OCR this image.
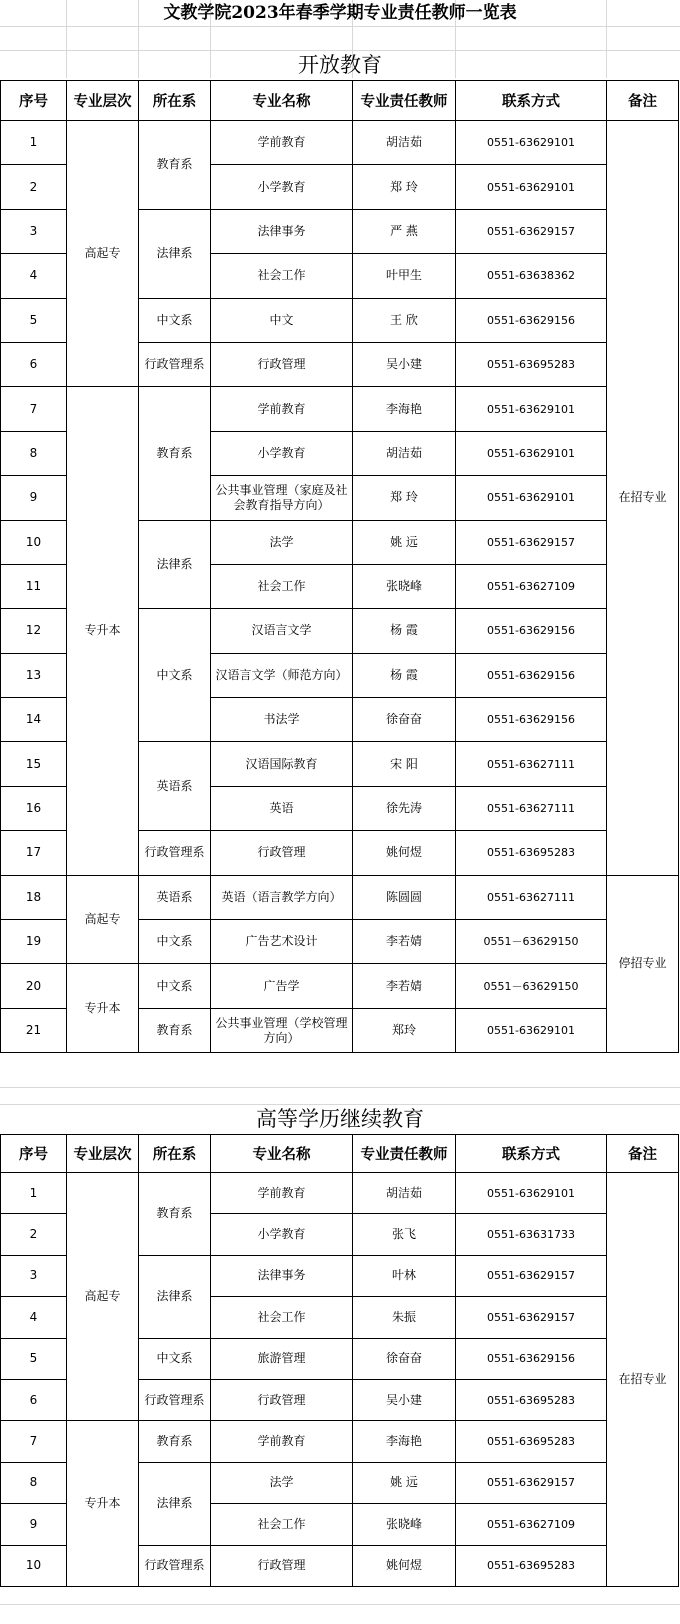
文教学院2023年春季学期专业责任教师一览表
开放教育
序号	专业层次	所在系	专业名称	专业责任教师	联系方式	备注
1	高起专	教育系	学前教育	胡洁茹	0551-63629101	在招专业
2			小学教育	郑 玲	0551-63629101	
3		法律系	法律事务	严 燕	0551-63629157	
4			社会工作	叶甲生	0551-63638362	
5		中文系	中文	王 欣	0551-63629156	
6		行政管理系	行政管理	吴小建	0551-63695283	
7	专升本	教育系	学前教育	李海艳	0551-63629101	
8			小学教育	胡洁茹	0551-63629101	
9			公共事业管理（家庭及社会教育指导方向）	郑 玲	0551-63629101	
10		法律系	法学	姚 远	0551-63629157	
11			社会工作	张晓峰	0551-63627109	
12		中文系	汉语言文学	杨 霞	0551-63629156	
13			汉语言文学（师范方向）	杨 霞	0551-63629156	
14			书法学	徐奋奋	0551-63629156	
15		英语系	汉语国际教育	宋 阳	0551-63627111	
16			英语	徐先涛	0551-63627111	
17		行政管理系	行政管理	姚何煜	0551-63695283	
18	高起专	英语系	英语（语言教学方向）	陈圆圆	0551-63627111	停招专业
19		中文系	广告艺术设计	李若婧	0551－63629150	
20	专升本	中文系	广告学	李若婧	0551－63629150	
21		教育系	公共事业管理（学校管理方向）	郑玲	0551-63629101	
高等学历继续教育
序号	专业层次	所在系	专业名称	专业责任教师	联系方式	备注
1	高起专	教育系	学前教育	胡洁茹	0551-63629101	在招专业
2			小学教育	张飞	0551-63631733	
3		法律系	法律事务	叶林	0551-63629157	
4			社会工作	朱振	0551-63629157	
5		中文系	旅游管理	徐奋奋	0551-63629156	
6		行政管理系	行政管理	吴小建	0551-63695283	
7	专升本	教育系	学前教育	李海艳	0551-63695283	
8		法律系	法学	姚 远	0551-63629157	
9			社会工作	张晓峰	0551-63627109	
10		行政管理系	行政管理	姚何煜	0551-63695283	
